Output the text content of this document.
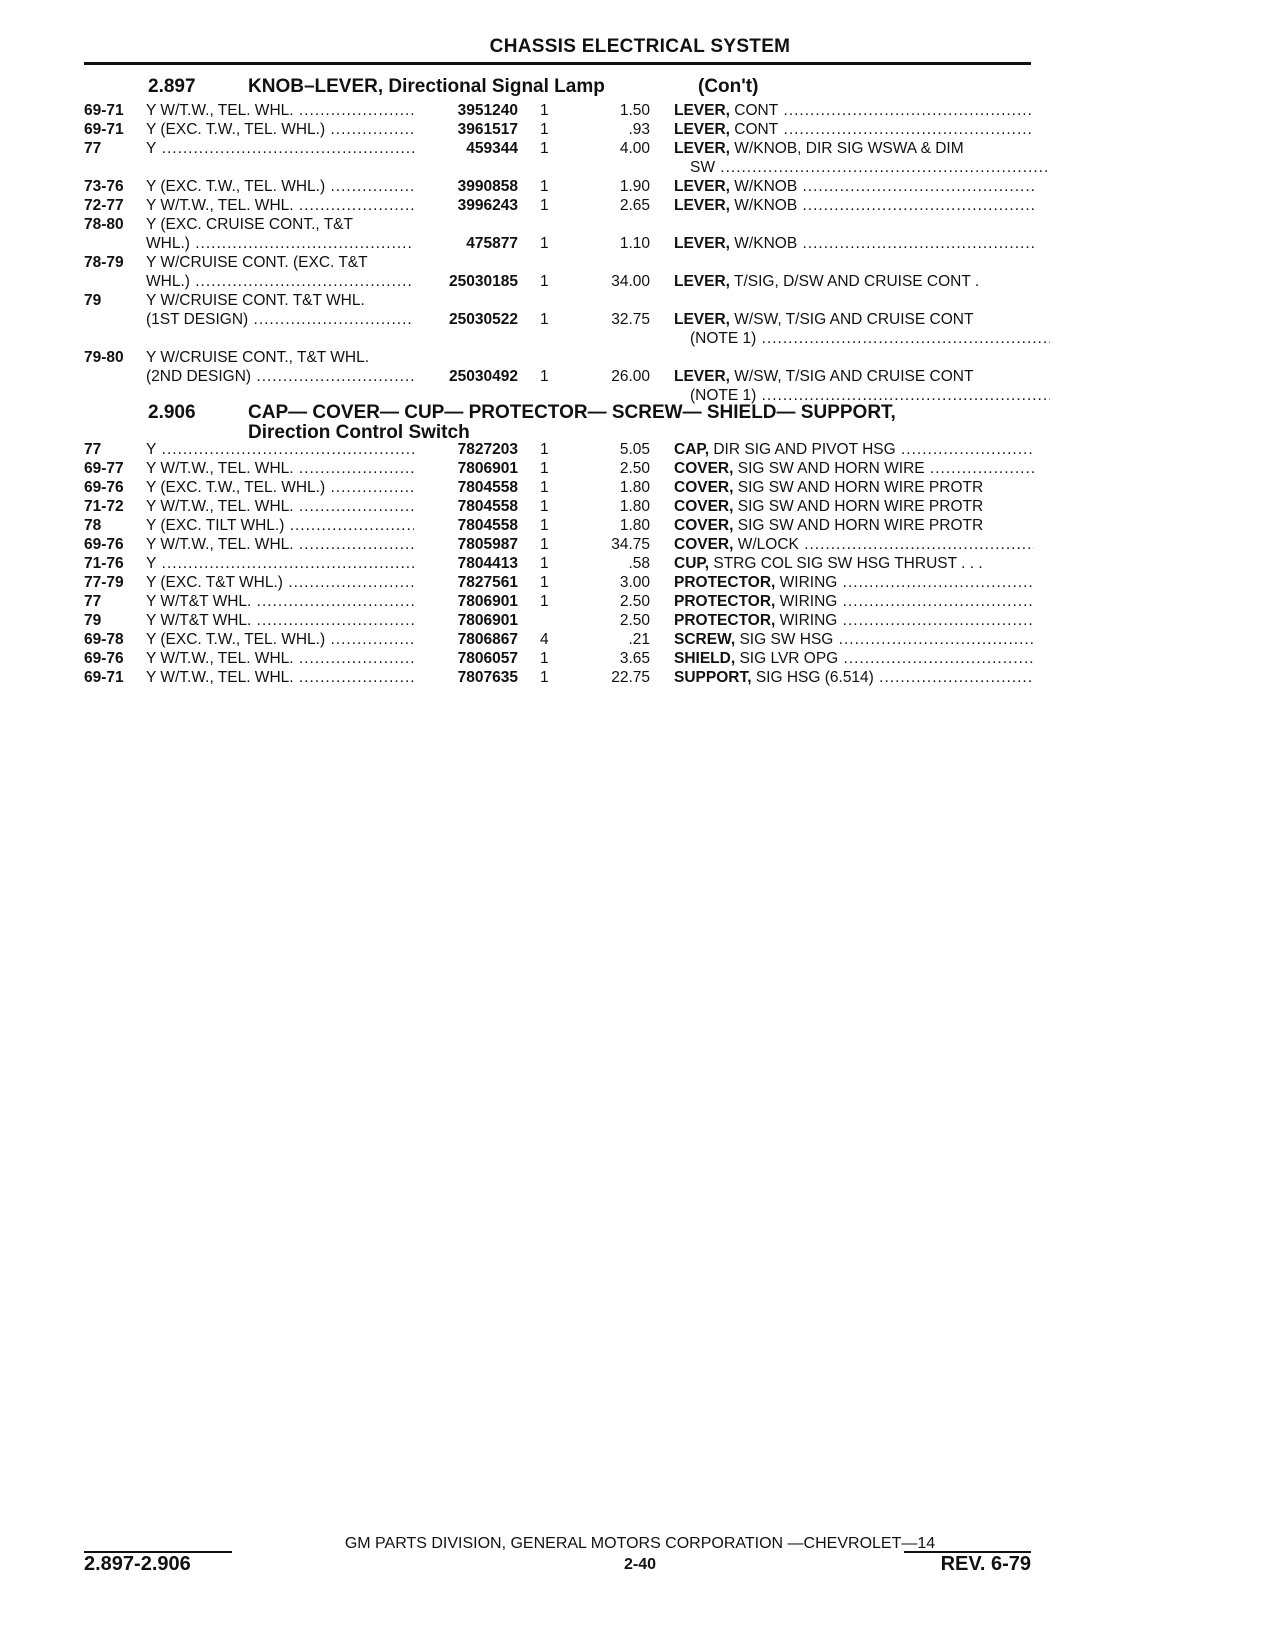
CHASSIS ELECTRICAL SYSTEM
2.897	KNOB–LEVER, Directional Signal Lamp	(Con't)
69-71	Y W/T.W., TEL. WHL. .....	3951240 1	1.50 LEVER, CONT .....
69-71	Y (EXC. T.W., TEL. WHL.) .....	3961517 1	.93 LEVER, CONT .....
77	Y .....	459344 1	4.00 LEVER, W/KNOB, DIR SIG WSWA & DIM
SW .....
73-76	Y (EXC. T.W., TEL. WHL.) .....	3990858 1	1.90 LEVER, W/KNOB .....
72-77	Y W/T.W., TEL. WHL. .....	3996243 1	2.65 LEVER, W/KNOB .....
78-80	Y (EXC. CRUISE CONT., T&T
WHL.) .....	475877 1	1.10 LEVER, W/KNOB .....
78-79	Y W/CRUISE CONT. (EXC. T&T
WHL.) .....	25030185 1	34.00 LEVER, T/SIG, D/SW AND CRUISE CONT .
79	Y W/CRUISE CONT. T&T WHL.
(1ST DESIGN) .....	25030522 1	32.75 LEVER, W/SW, T/SIG AND CRUISE CONT
(NOTE 1) .....
79-80	Y W/CRUISE CONT., T&T WHL.
(2ND DESIGN) .....	25030492 1	26.00 LEVER, W/SW, T/SIG AND CRUISE CONT
(NOTE 1) .....
2.906	CAP— COVER— CUP— PROTECTOR— SCREW— SHIELD— SUPPORT,
Direction Control Switch
77	Y .....	7827203 1	5.05 CAP, DIR SIG AND PIVOT HSG .....
69-77	Y W/T.W., TEL. WHL. .....	7806901 1	2.50 COVER, SIG SW AND HORN WIRE .....
69-76	Y (EXC. T.W., TEL. WHL.) .....	7804558 1	1.80 COVER, SIG SW AND HORN WIRE PROTR
71-72	Y W/T.W., TEL. WHL. .....	7804558 1	1.80 COVER, SIG SW AND HORN WIRE PROTR
78	Y (EXC. TILT WHL.) .....	7804558 1	1.80 COVER, SIG SW AND HORN WIRE PROTR
69-76	Y W/T.W., TEL. WHL. .....	7805987 1	34.75 COVER, W/LOCK .....
71-76	Y .....	7804413 1	.58 CUP, STRG COL SIG SW HSG THRUST . . .
77-79	Y (EXC. T&T WHL.) .....	7827561 1	3.00 PROTECTOR, WIRING .....
77	Y W/T&T WHL. .....	7806901 1	2.50 PROTECTOR, WIRING .....
79	Y W/T&T WHL. .....	7806901	2.50 PROTECTOR, WIRING .....
69-78	Y (EXC. T.W., TEL. WHL.) .....	7806867 4	.21 SCREW, SIG SW HSG .....
69-76	Y W/T.W., TEL. WHL. .....	7806057 1	3.65 SHIELD, SIG LVR OPG .....
69-71	Y W/T.W., TEL. WHL. .....	7807635 1	22.75 SUPPORT, SIG HSG (6.514) .....
GM PARTS DIVISION, GENERAL MOTORS CORPORATION —CHEVROLET—14
2.897-2.906	2-40	REV. 6-79
